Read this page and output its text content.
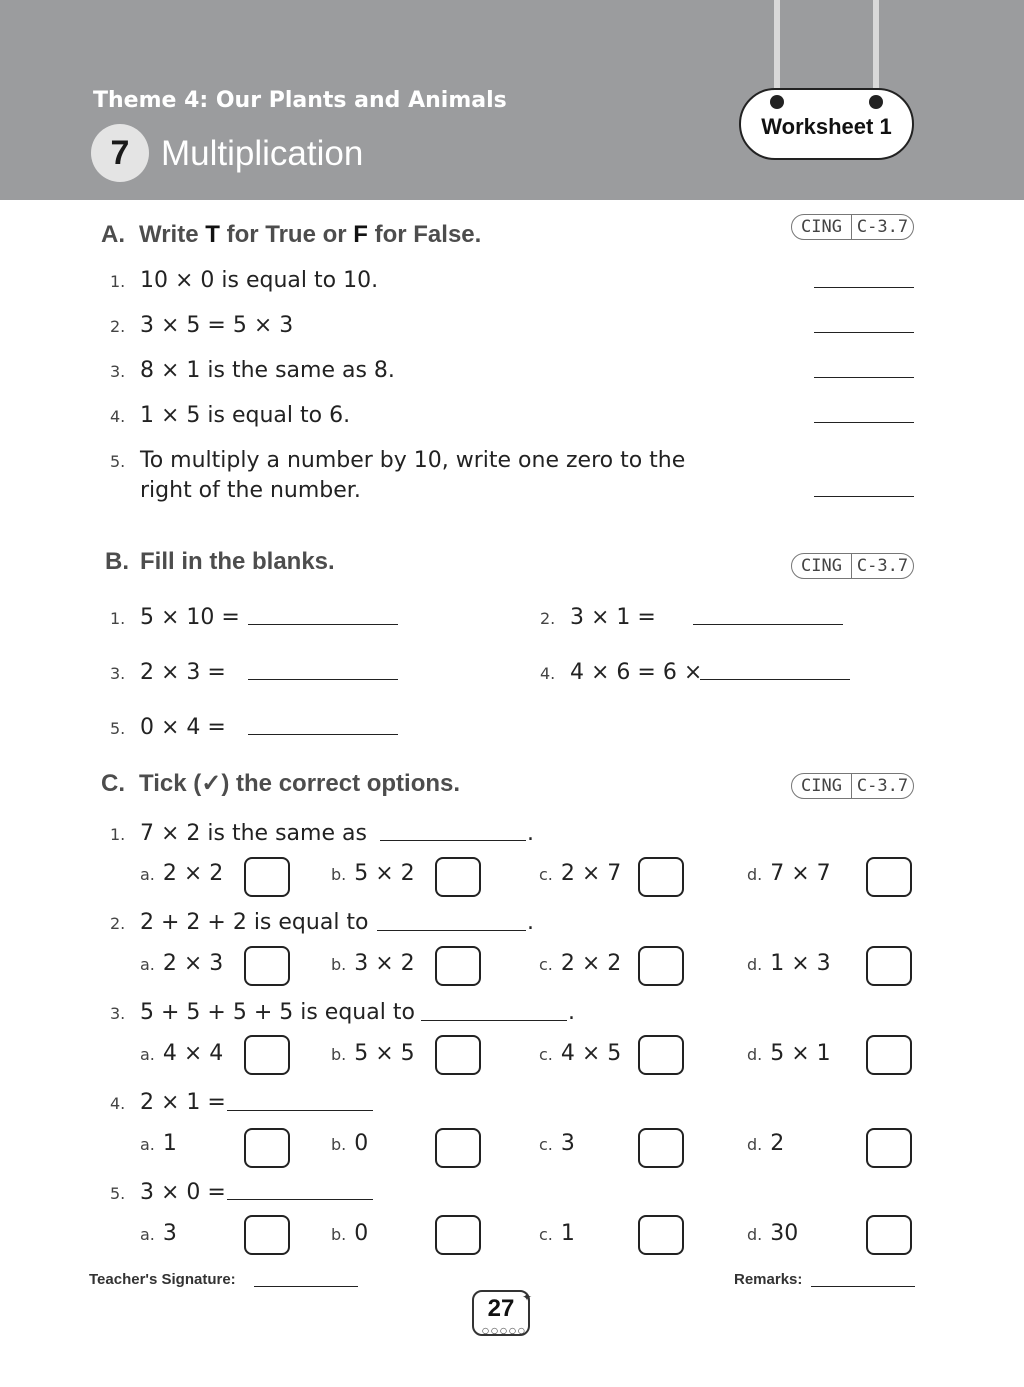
Theme 4: Our Plants and Animals
7 Multiplication
Worksheet 1
A. Write T for True or F for False.	CING C-3.7
1. 10 × 0 is equal to 10.
2. 3 × 5 = 5 × 3
3. 8 × 1 is the same as 8.
4. 1 × 5 is equal to 6.
5. To multiply a number by 10, write one zero to the
right of the number.
B. Fill in the blanks.	CING C-3.7
1. 5 × 10 =	2. 3 × 1 =
3. 2 × 3 =	4. 4 × 6 = 6 ×
5. 0 × 4 =
C. Tick (✓) the correct options.	CING C-3.7
1. 7 × 2 is the same as	.
a. 2 × 2	b. 5 × 2	c. 2 × 7	d. 7 × 7
2. 2 + 2 + 2 is equal to	.
a. 2 × 3	b. 3 × 2	c. 2 × 2	d. 1 × 3
3. 5 + 5 + 5 + 5 is equal to	.
a. 4 × 4	b. 5 × 5	c. 4 × 5	d. 5 × 1
4. 2 × 1 =
a. 1	b. 0	c. 3	d. 2
5. 3 × 0 =
a. 3	b. 0	c. 1	d. 30
Teacher's Signature:	Remarks:
27
○○○○○
✦
